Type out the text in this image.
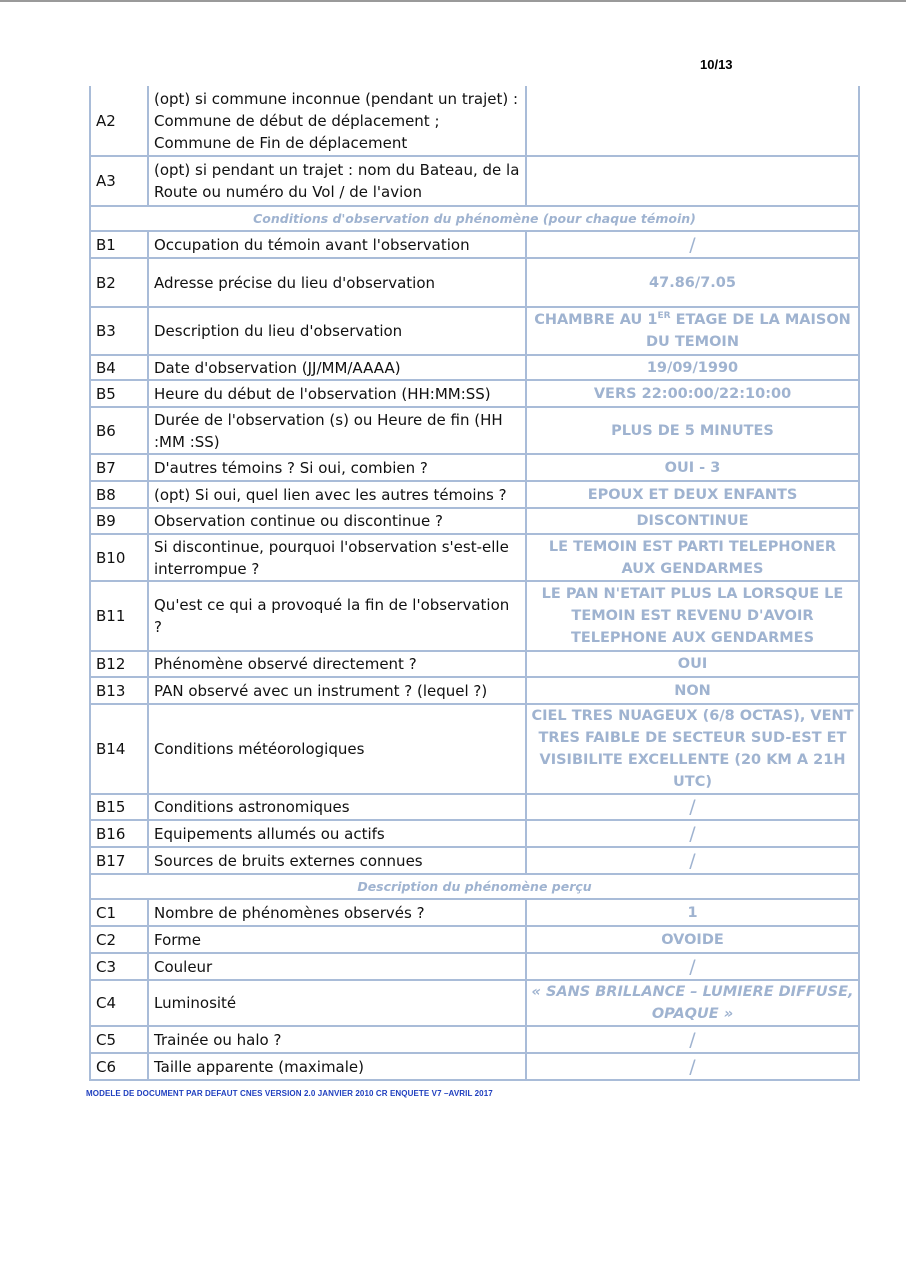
10/13
A2	(opt) si commune inconnue (pendant un trajet) : Commune de début de déplacement ; Commune de Fin de déplacement	
A3	(opt) si pendant un trajet : nom du Bateau, de la Route ou numéro du Vol / de l'avion	
Conditions d'observation du phénomène (pour chaque témoin)		
B1	Occupation du témoin avant l'observation	/
B2	Adresse précise du lieu d'observation	47.86/7.05
B3	Description du lieu d'observation	CHAMBRE AU 1ER ETAGE DE LA MAISON DU TEMOIN
B4	Date d'observation (JJ/MM/AAAA)	19/09/1990
B5	Heure du début de l'observation (HH:MM:SS)	VERS 22:00:00/22:10:00
B6	Durée de l'observation (s) ou Heure de fin (HH :MM :SS)	PLUS DE 5 MINUTES
B7	D'autres témoins ? Si oui, combien ?	OUI - 3
B8	(opt) Si oui, quel lien avec les autres témoins ?	EPOUX ET DEUX ENFANTS
B9	Observation continue ou discontinue ?	DISCONTINUE
B10	Si discontinue, pourquoi l'observation s'est-elle interrompue ?	LE TEMOIN EST PARTI TELEPHONER AUX GENDARMES
B11	Qu'est ce qui a provoqué la fin de l'observation ?	LE PAN N'ETAIT PLUS LA LORSQUE LE TEMOIN EST REVENU D'AVOIR TELEPHONE AUX GENDARMES
B12	Phénomène observé directement ?	OUI
B13	PAN observé avec un instrument ? (lequel ?)	NON
B14	Conditions météorologiques	CIEL TRES NUAGEUX (6/8 OCTAS), VENT TRES FAIBLE DE SECTEUR SUD-EST ET VISIBILITE EXCELLENTE (20 KM A 21H UTC)
B15	Conditions astronomiques	/
B16	Equipements allumés ou actifs	/
B17	Sources de bruits externes connues	/
Description du phénomène perçu		
C1	Nombre de phénomènes observés ?	1
C2	Forme	OVOIDE
C3	Couleur	/
C4	Luminosité	« SANS BRILLANCE – LUMIERE DIFFUSE, OPAQUE »
C5	Trainée ou halo ?	/
C6	Taille apparente (maximale)	/
MODELE DE DOCUMENT PAR DEFAUT CNES VERSION 2.0 JANVIER 2010 CR ENQUETE V7 –AVRIL 2017
